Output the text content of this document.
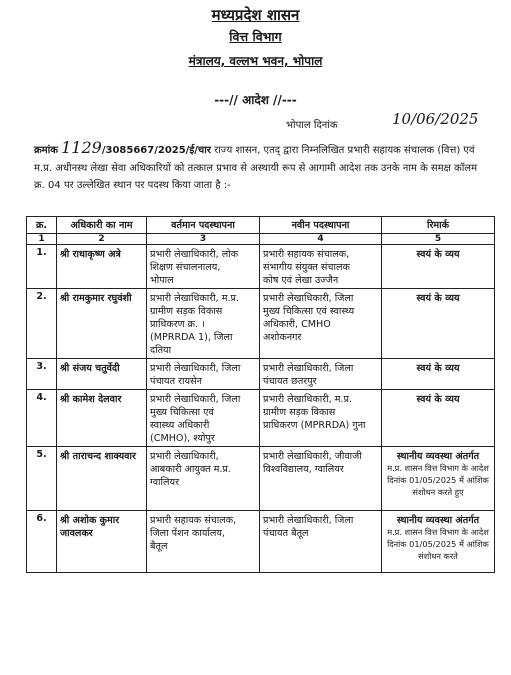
मध्यप्रदेश शासन
वित्त विभाग
मंत्रालय, वल्लभ भवन, भोपाल
---// आदेश //---
भोपाल दिनांक	10/06/2025
क्रमांक 1129/3085667/2025/ई/चार राज्य शासन, एतद् द्वारा निम्नलिखित प्रभारी सहायक संचालक (वित्त) एवं म.प्र. अधीनस्थ लेखा सेवा अधिकारियों को तत्काल प्रभाव से अस्थायी रूप से आगामी आदेश तक उनके नाम के समक्ष कॉलम क्र. 04 पर उल्लेखित स्थान पर पदस्थ किया जाता है :-
क्र.	अधिकारी का नाम	वर्तमान पदस्थापना	नवीन पदस्थापना	रिमार्क
1	2	3	4	5
1.	श्री राधाकृष्ण अत्रे	प्रभारी लेखाधिकारी, लोक
शिक्षण संचालनालय,
भोपाल	प्रभारी सहायक संचालक,
संभागीय संयुक्त संचालक
कोष एवं लेखा उज्जैन	स्वयं के व्यय

2.	श्री रामकुमार रघुवंशी	प्रभारी लेखाधिकारी, म.प्र.
ग्रामीण सड़क विकास
प्राधिकरण क्र. ।
(MPRRDA 1), जिला
दतिया	प्रभारी लेखाधिकारी, जिला
मुख्य चिकित्सा एवं स्वास्थ्य
अधिकारी, CMHO
अशोकनगर	स्वयं के व्यय

3.	श्री संजय चतुर्वेदी	प्रभारी लेखाधिकारी, जिला
पंचायत रायसेन	प्रभारी लेखाधिकारी, जिला
पंचायत छतरपुर	स्वयं के व्यय

4.	श्री कामेश देलवार	प्रभारी लेखाधिकारी, जिला
मुख्य चिकित्सा एवं
स्वास्थ्य अधिकारी
(CMHO), श्योपुर	प्रभारी लेखाधिकारी, म.प्र.
ग्रामीण सड़क विकास
प्राधिकरण (MPRRDA) गुना	स्वयं के व्यय

5.	श्री ताराचन्द शाक्यवार	प्रभारी लेखाधिकारी,
आबकारी आयुक्त म.प्र.
ग्वालियर	प्रभारी लेखाधिकारी, जीवाजी
विश्वविद्यालय, ग्वालियर	स्थानीय व्यवस्था अंतर्गत
म.प्र. शासन वित्त विभाग के आदेश दिनांक 01/05/2025 में आंशिक संशोधन करते हुए

6.	श्री अशोक कुमार जावलकर	प्रभारी सहायक संचालक,
जिला पेंशन कार्यालय,
बैतूल	प्रभारी लेखाधिकारी, जिला
पंचायत बैतूल	स्थानीय व्यवस्था अंतर्गत
म.प्र. शासन वित्त विभाग के आदेश दिनांक 01/05/2025 में आंशिक संशोधन करते
